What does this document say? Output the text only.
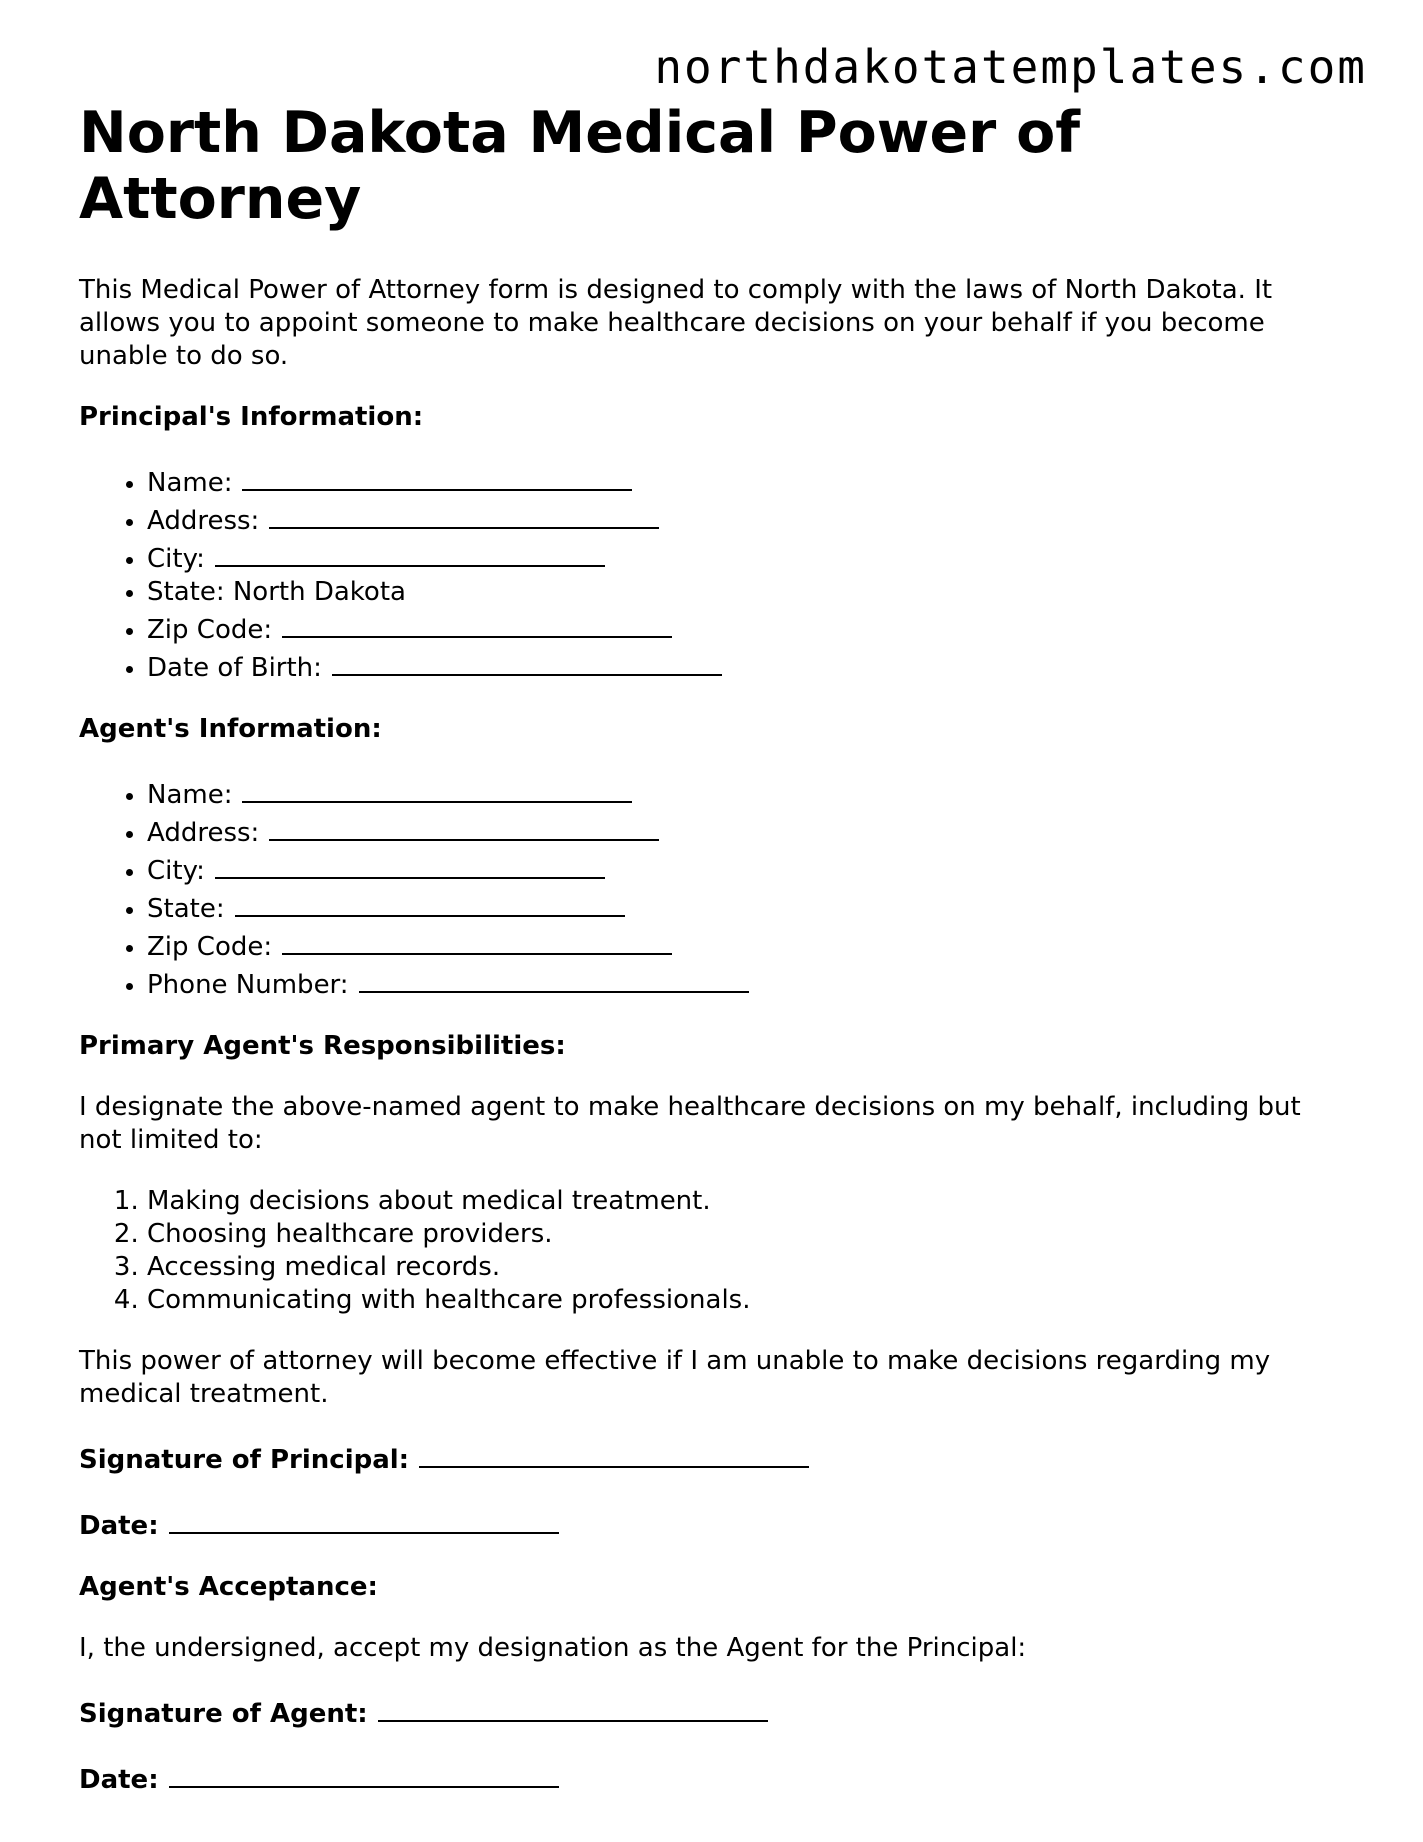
northdakotatemplates.com
North Dakota Medical Power of Attorney

This Medical Power of Attorney form is designed to comply with the laws of North Dakota. It allows you to appoint someone to make healthcare decisions on your behalf if you become unable to do so.

Principal's Information:

• Name:
• Address:
• City:
• State: North Dakota
• Zip Code:
• Date of Birth:

Agent's Information:

• Name:
• Address:
• City:
• State:
• Zip Code:
• Phone Number:

Primary Agent's Responsibilities:

I designate the above-named agent to make healthcare decisions on my behalf, including but not limited to:

1. Making decisions about medical treatment.
2. Choosing healthcare providers.
3. Accessing medical records.
4. Communicating with healthcare professionals.

This power of attorney will become effective if I am unable to make decisions regarding my medical treatment.

Signature of Principal:

Date:

Agent's Acceptance:

I, the undersigned, accept my designation as the Agent for the Principal:

Signature of Agent:

Date:
